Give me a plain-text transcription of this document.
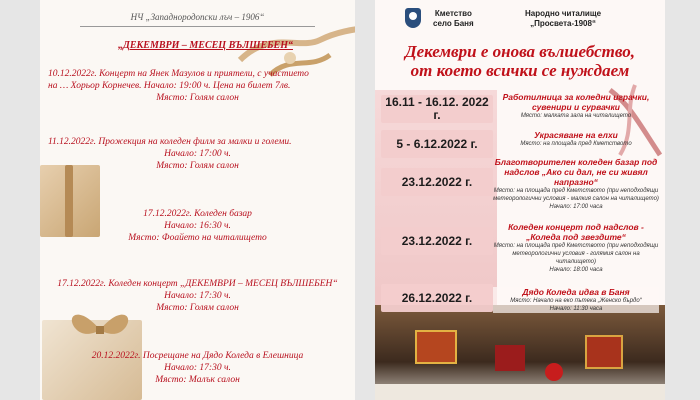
НЧ „Западнородопски лъч – 1906“
„ДЕКЕМВРИ – МЕСЕЦ ВЪЛШЕБЕН“
10.12.2022г. Концерт на Янек Мазулов и приятели, с участието
на … Хорьор Корнечев. Начало: 19:00 ч. Цена на билет 7лв.
Място: Голям салон
11.12.2022г. Прожекция на коледен филм за малки и големи.
Начало: 17:00 ч.
Място: Голям салон
17.12.2022г. Коледен базар
Начало: 16:30 ч.
Място: Фоайето на читалището
17.12.2022г. Коледен концерт „ДЕКЕМВРИ – МЕСЕЦ ВЪЛШЕБЕН“
Начало: 17:30 ч.
Място: Голям салон
20.12.2022г. Посрещане на Дядо Коледа в Елешница
Начало: 17:30 ч.
Място: Малък салон
Кметство
село Баня
Народно читалище
„Просвета-1908“
Декември е онова вълшебство,
от което всички се нуждаем
16.11 - 16.12. 2022 г.
Работилница за коледни играчки, сувенири и сурвачки
Място: малката зала на читалището
5 - 6.12.2022 г.
Украсяване на елхи
Място: на площада пред Кметството
23.12.2022 г.
Благотворителен коледен базар под надслов „Ако си дал, не си живял напразно“
Място: на площада пред Кметството (при неподходящи метеорологични условия - малкия салон на читалището)
Начало: 17:00 часа
23.12.2022 г.
Коледен концерт под надслов - „Коледа под звездите“
Място: на площада пред Кметството (при неподходящи метеорологични условия - голямия салон на читалището)
Начало: 18:00 часа
26.12.2022 г.	Дядо Коледа идва в Баня
Място: Начало на еко пътека „Женско бърдо“
Начало: 11:30 часа
